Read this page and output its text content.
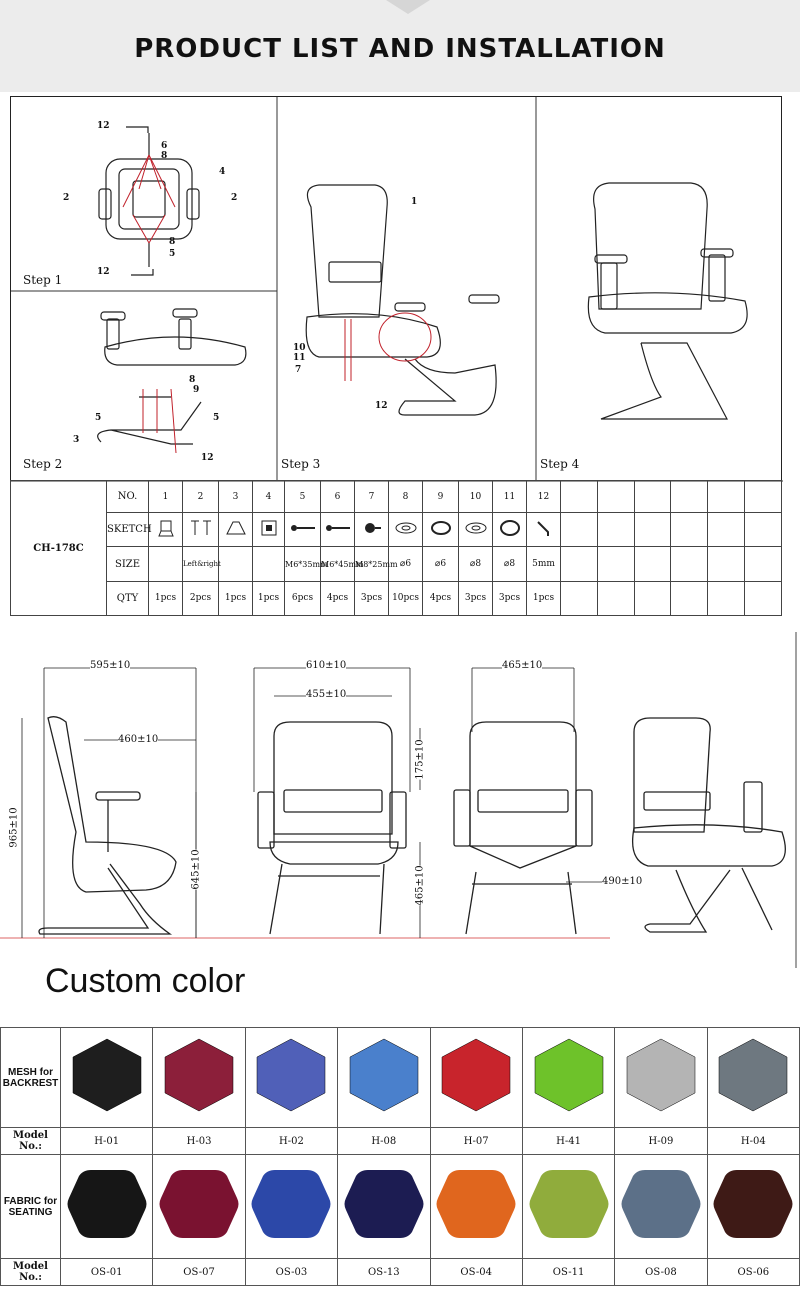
PRODUCT LIST AND INSTALLATION
12
6
8
4
2	2
8
5
12
8
9
5	5
3
12
1
10
11
7
12
Step 1
Step 2	Step 3	Step 4
CH-178C	NO.	1	2	3	4	5	6	7	8	9	10	11	12						
	SKETCH																		
	SIZE		Left&right			M6*35mm	M6*45mm	M8*25mm	⌀6	⌀6	⌀8	⌀8	5mm						
	QTY	1pcs	2pcs	1pcs	1pcs	6pcs	4pcs	3pcs	10pcs	4pcs	3pcs	3pcs	1pcs						
595±10
460±10
965±10
645±10
610±10
455±10
175±10
465±10
465±10
490±10
Custom color
MESH for BACKREST								
Model No.:	H-01	H-03	H-02	H-08	H-07	H-41	H-09	H-04
FABRIC for SEATING								
Model No.:	OS-01	OS-07	OS-03	OS-13	OS-04	OS-11	OS-08	OS-06
